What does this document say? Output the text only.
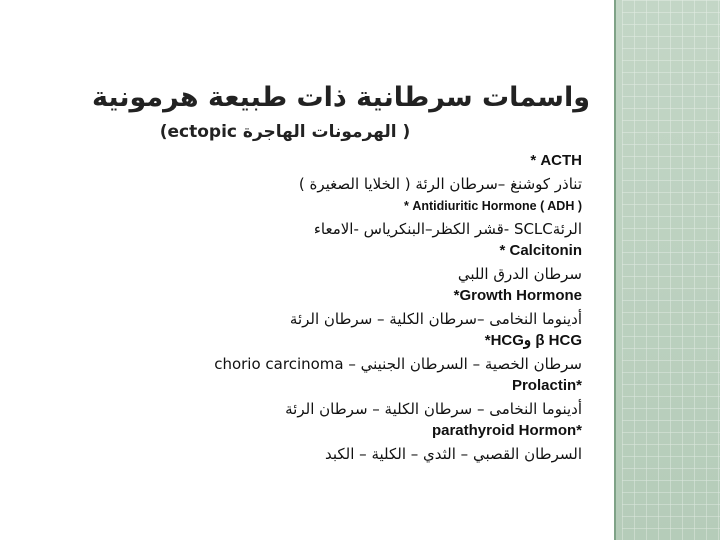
واسمات سرطانية ذات طبيعة هرمونية
( الهرمونات الهاجرة ectopic)
ACTH *
تناذر كوشنغ –سرطان الرئة ( الخلايا الصغيرة )
Antidiuritic Hormone ( ADH ) *
الرئةSCLC -قشر الكظر–البنكرياس -الامعاء
Calcitonin *
سرطان الدرق اللبي
Growth Hormone*
أدينوما النخامى –سرطان الكلية – سرطان الرئة
β HCG وHCG*
سرطان الخصية – السرطان الجنيني – chorio carcinoma
*Prolactin
أدينوما النخامى – سرطان الكلية – سرطان الرئة
*parathyroid Hormon
السرطان القصبي – الثدي – الكلية – الكبد
